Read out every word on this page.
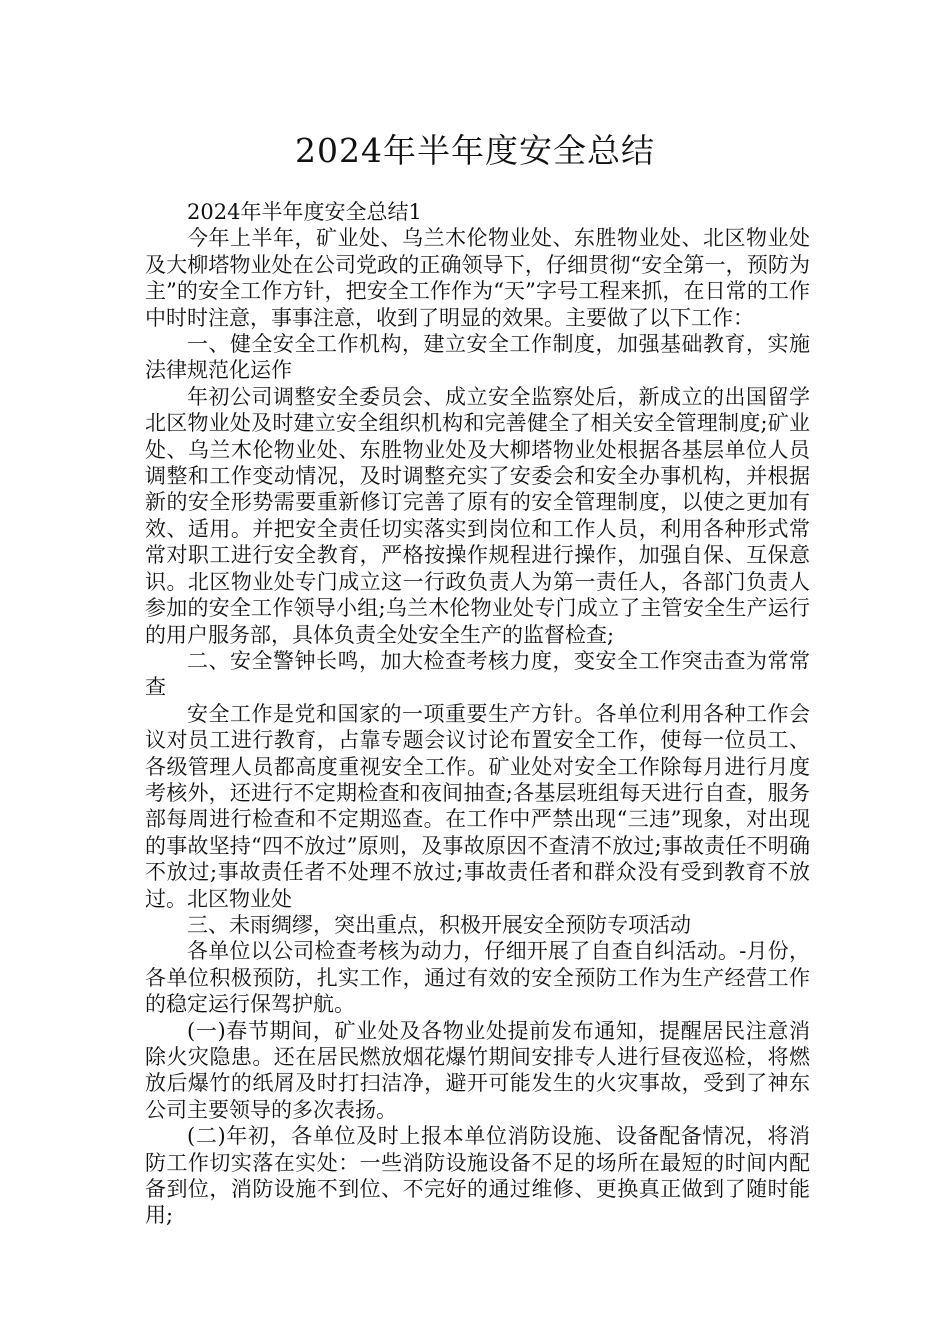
2024年半年度安全总结

2024年半年度安全总结1

今年上半年，矿业处、乌兰木伦物业处、东胜物业处、北区物业处及大柳塔物业处在公司党政的正确领导下，仔细贯彻“安全第一，预防为主”的安全工作方针，把安全工作作为“天”字号工程来抓，在日常的工作中时时注意，事事注意，收到了明显的效果。主要做了以下工作：

一、健全安全工作机构，建立安全工作制度，加强基础教育，实施法律规范化运作

年初公司调整安全委员会、成立安全监察处后，新成立的出国留学北区物业处及时建立安全组织机构和完善健全了相关安全管理制度;矿业处、乌兰木伦物业处、东胜物业处及大柳塔物业处根据各基层单位人员调整和工作变动情况，及时调整充实了安委会和安全办事机构，并根据新的安全形势需要重新修订完善了原有的安全管理制度，以使之更加有效、适用。并把安全责任切实落实到岗位和工作人员，利用各种形式常常对职工进行安全教育，严格按操作规程进行操作，加强自保、互保意识。北区物业处专门成立这一行政负责人为第一责任人，各部门负责人参加的安全工作领导小组;乌兰木伦物业处专门成立了主管安全生产运行的用户服务部，具体负责全处安全生产的监督检查;

二、安全警钟长鸣，加大检查考核力度，变安全工作突击查为常常查

安全工作是党和国家的一项重要生产方针。各单位利用各种工作会议对员工进行教育，占靠专题会议讨论布置安全工作，使每一位员工、各级管理人员都高度重视安全工作。矿业处对安全工作除每月进行月度考核外，还进行不定期检查和夜间抽查;各基层班组每天进行自查，服务部每周进行检查和不定期巡查。在工作中严禁出现“三违”现象，对出现的事故坚持“四不放过”原则，及事故原因不查清不放过;事故责任不明确不放过;事故责任者不处理不放过;事故责任者和群众没有受到教育不放过。北区物业处

三、未雨绸缪，突出重点，积极开展安全预防专项活动

各单位以公司检查考核为动力，仔细开展了自查自纠活动。-月份，各单位积极预防，扎实工作，通过有效的安全预防工作为生产经营工作的稳定运行保驾护航。

(一)春节期间，矿业处及各物业处提前发布通知，提醒居民注意消除火灾隐患。还在居民燃放烟花爆竹期间安排专人进行昼夜巡检，将燃放后爆竹的纸屑及时打扫洁净，避开可能发生的火灾事故，受到了神东公司主要领导的多次表扬。

(二)年初，各单位及时上报本单位消防设施、设备配备情况，将消防工作切实落在实处：一些消防设施设备不足的场所在最短的时间内配备到位，消防设施不到位、不完好的通过维修、更换真正做到了随时能用;
